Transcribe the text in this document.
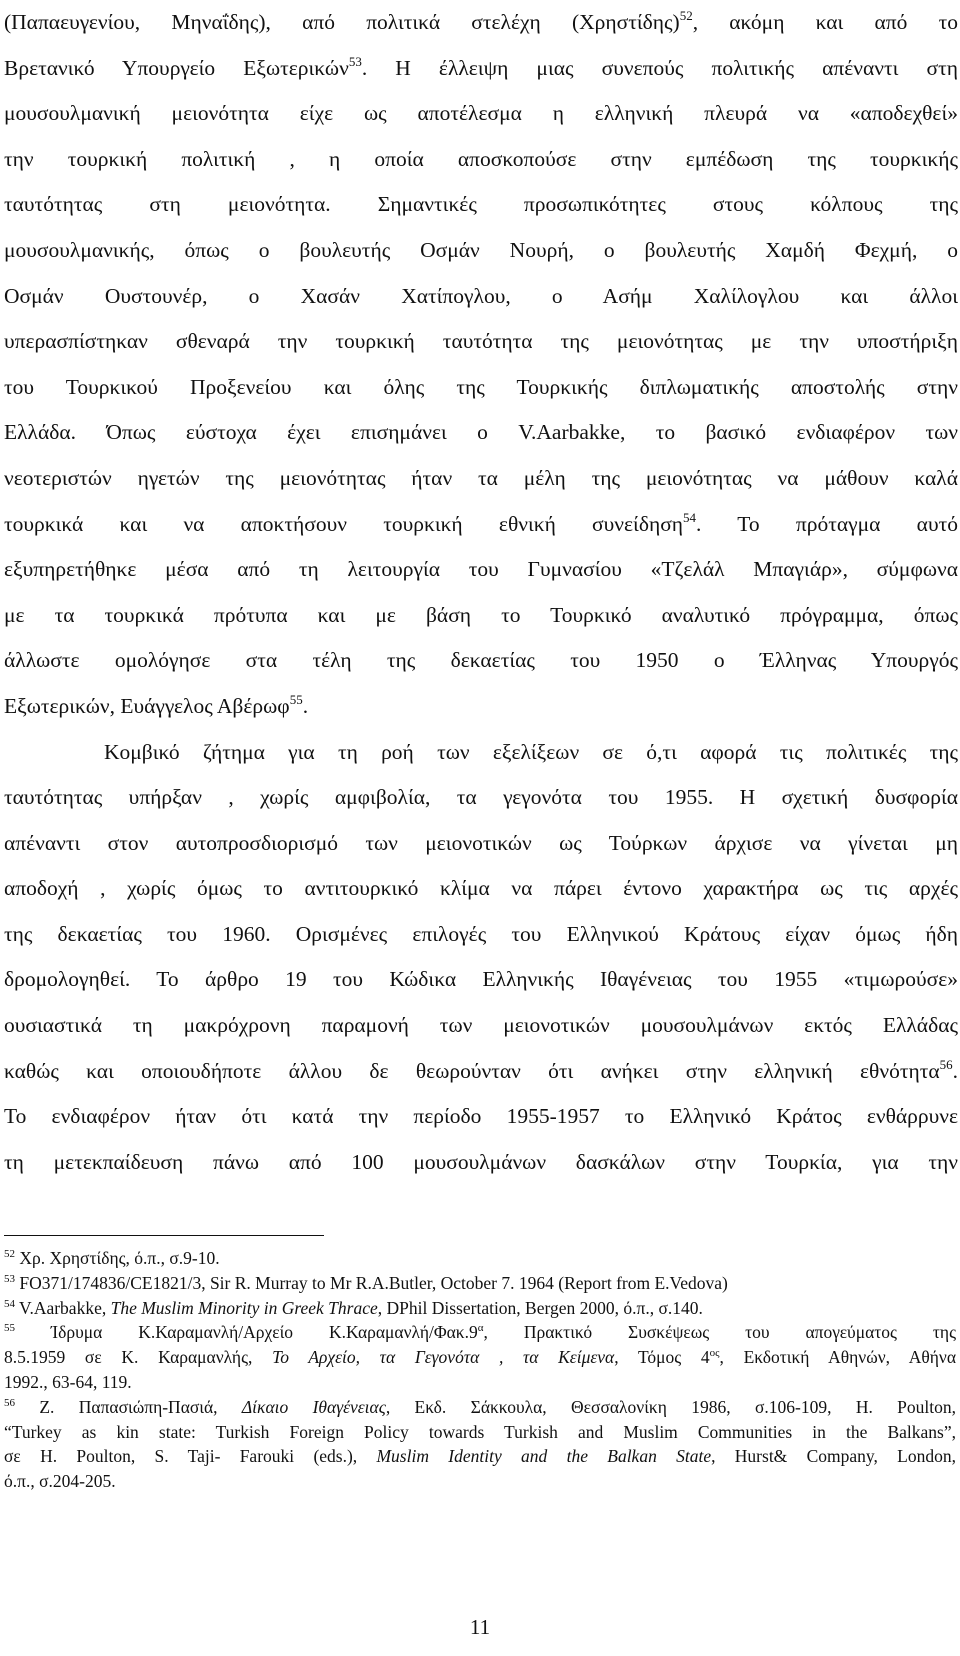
(Παπαευγενίου, Μηναΐδης), από πολιτικά στελέχη $(X\rho\eta\sigma\tau ί\delta\eta\varsigma)^{52}$, ακόμη και από το
Βρετανικό Υπουργείο Εξωτερικών$^{53}$. Η έλλειψη μιας συνεπούς πολιτικής απέναντι στη
μουσουλμανική μειονότητα είχε ως αποτέλεσμα η ελληνική πλευρά να «αποδεχθεί»
την τουρκική πολιτική , η οποία αποσκοπούσε στην εμπέδωση της τουρκικής
ταυτότητας στη μειονότητα. Σημαντικές προσωπικότητες στους κόλπους της
μουσουλμανικής, όπως ο βουλευτής Οσμάν Νουρή, ο βουλευτής Χαμδή Φεχμή, ο
Οσμάν Ουστουνέρ, ο Χασάν Χατίπογλου, ο Ασήμ Χαλίλογλου και άλλοι
υπερασπίστηκαν σθεναρά την τουρκική ταυτότητα της μειονότητας με την υποστήριξη
του Τουρκικού Προξενείου και όλης της Τουρκικής διπλωματικής αποστολής στην
Ελλάδα. Όπως εύστοχα έχει επισημάνει ο V.Aarbakke, το βασικό ενδιαφέρον των
νεοτεριστών ηγετών της μειονότητας ήταν τα μέλη της μειονότητας να μάθουν καλά
τουρκικά και να αποκτήσουν τουρκική εθνική συνείδηση$^{54}$. Το πρόταγμα αυτό
εξυπηρετήθηκε μέσα από τη λειτουργία του Γυμνασίου «Τζελάλ Μπαγιάρ», σύμφωνα
με τα τουρκικά πρότυπα και με βάση το Τουρκικό αναλυτικό πρόγραμμα, όπως
άλλωστε ομολόγησε στα τέλη της δεκαετίας του 1950 ο Έλληνας Υπουργός
Εξωτερικών, Ευάγγελος Αβέρωφ$^{55}$.
Κομβικό ζήτημα για τη ροή των εξελίξεων σε ό,τι αφορά τις πολιτικές της
ταυτότητας υπήρξαν , χωρίς αμφιβολία, τα γεγονότα του 1955. Η σχετική δυσφορία
απέναντι στον αυτοπροσδιορισμό των μειονοτικών ως Τούρκων άρχισε να γίνεται μη
αποδοχή , χωρίς όμως το αντιτουρκικό κλίμα να πάρει έντονο χαρακτήρα ως τις αρχές
της δεκαετίας του 1960. Ορισμένες επιλογές του Ελληνικού Κράτους είχαν όμως ήδη
δρομολογηθεί. Το άρθρο 19 του Κώδικα Ελληνικής Ιθαγένειας του 1955 «τιμωρούσε»
ουσιαστικά τη μακρόχρονη παραμονή των μειονοτικών μουσουλμάνων εκτός Ελλάδας
καθώς και οποιουδήποτε άλλου δε θεωρούνταν ότι ανήκει στην ελληνική εθνότητα$^{56}$.
Το ενδιαφέρον ήταν ότι κατά την περίοδο 1955-1957 το Ελληνικό Κράτος ενθάρρυνε
τη μετεκπαίδευση πάνω από 100 μουσουλμάνων δασκάλων στην Τουρκία, για την
$^{52}$ Χρ. Χρηστίδης, ό.π., σ.9-10.
$^{53}$ FO371/174836/CE1821/3, Sir R. Murray to Mr R.A.Butler, October 7. 1964 (Report from E.Vedova)
$^{54}$ V.Aarbakke, The Muslim Minority in Greek Thrace, DPhil Dissertation, Bergen 2000, ό.π., σ.140.
$^{55}$ Ίδρυμα Κ.Καραμανλή/Αρχείο $K.K\alpha\rho\alpha\mu\alpha\nu\lambda ή/\Phi\alpha\kappa.9^\alpha$, Πρακτικό Συσκέψεως του απογεύματος της
8.5.1959 σε Κ. Καραμανλής, Το Αρχείο, τα Γεγονότα , τα Κείμενα, Τόμος $4^{o\varsigma}$, Εκδοτική Αθηνών, Αθήνα
1992., 63-64, 119.
$^{56}$ Ζ. Παπασιώπη-Πασιά, Δίκαιο Ιθαγένειας, Εκδ. Σάκκουλα, Θεσσαλονίκη 1986, σ.106-109, H. Poulton,
“Turkey as kin state: Turkish Foreign Policy towards Turkish and Muslim Communities in the Balkans”,
σε H. Poulton, S. Taji- Farouki (eds.), Muslim Identity and the Balkan State, Hurst& Company, London,
ό.π., σ.204-205.
11
